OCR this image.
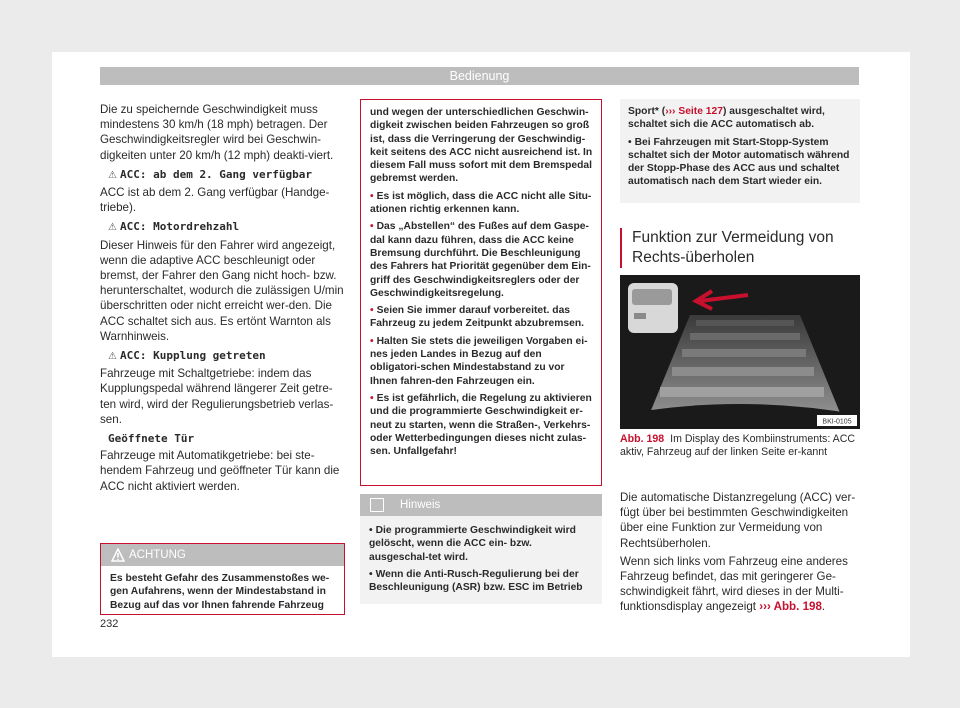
Bedienung

Die zu speichernde Geschwindigkeit muss mindestens 30 km/h (18 mph) betragen. Der Geschwindigkeitsregler wird bei Geschwin-digkeiten unter 20 km/h (12 mph) deakti-viert.

⚠ ACC: ab dem 2. Gang verfügbar

ACC ist ab dem 2. Gang verfügbar (Handge-triebe).

⚠ ACC: Motordrehzahl

Dieser Hinweis für den Fahrer wird angezeigt, wenn die adaptive ACC beschleunigt oder bremst, der Fahrer den Gang nicht hoch- bzw. herunterschaltet, wodurch die zulässigen U/min überschritten oder nicht erreicht wer-den. Die ACC schaltet sich aus. Es ertönt Warnton als Warnhinweis.

⚠ ACC: Kupplung getreten

Fahrzeuge mit Schaltgetriebe: indem das Kupplungspedal während längerer Zeit getre-ten wird, wird der Regulierungsbetrieb verlas-sen.

Geöffnete Tür

Fahrzeuge mit Automatikgetriebe: bei ste-hendem Fahrzeug und geöffneter Tür kann die ACC nicht aktiviert werden.

ACHTUNG
Es besteht Gefahr des Zusammenstoßes we-gen Aufahrens, wenn der Mindestabstand in Bezug auf das vor Ihnen fahrende Fahrzeug

und wegen der unterschiedlichen Geschwin-digkeit zwischen beiden Fahrzeugen so groß ist, dass die Verringerung der Geschwindig-keit seitens des ACC nicht ausreichend ist. In diesem Fall muss sofort mit dem Bremspedal gebremst werden.

• Es ist möglich, dass die ACC nicht alle Situ-ationen richtig erkennen kann.

• Das „Abstellen“ des Fußes auf dem Gaspe-dal kann dazu führen, dass die ACC keine Bremsung durchführt. Die Beschleunigung des Fahrers hat Priorität gegenüber dem Ein-griff des Geschwindigkeitsreglers oder der Geschwindigkeitsregelung.

• Seien Sie immer darauf vorbereitet. das Fahrzeug zu jedem Zeitpunkt abzubremsen.

• Halten Sie stets die jeweiligen Vorgaben ei-nes jeden Landes in Bezug auf den obligatori-schen Mindestabstand zu vor Ihnen fahren-den Fahrzeugen ein.

• Es ist gefährlich, die Regelung zu aktivieren und die programmierte Geschwindigkeit er-neut zu starten, wenn die Straßen-, Verkehrs- oder Wetterbedingungen dieses nicht zulas-sen. Unfallgefahr!

Hinweis

• Die programmierte Geschwindigkeit wird gelöscht, wenn die ACC ein- bzw. ausgeschal-tet wird.

• Wenn die Anti-Rusch-Regulierung bei der Beschleunigung (ASR) bzw. ESC im Betrieb

Sport* (››› Seite 127) ausgeschaltet wird, schaltet sich die ACC automatisch ab.

• Bei Fahrzeugen mit Start-Stopp-System schaltet sich der Motor automatisch während der Stopp-Phase des ACC aus und schaltet automatisch nach dem Start wieder ein.

Funktion zur Vermeidung von Rechts-überholen
BKI-0105
Abb. 198 Im Display des Kombiinstruments: ACC aktiv, Fahrzeug auf der linken Seite er-kannt

Die automatische Distanzregelung (ACC) ver-fügt über bei bestimmten Geschwindigkeiten über eine Funktion zur Vermeidung von Rechtsüberholen.

Wenn sich links vom Fahrzeug eine anderes Fahrzeug befindet, das mit geringerer Ge-schwindigkeit fährt, wird dieses in der Multi-funktionsdisplay angezeigt ››› Abb. 198.

232
